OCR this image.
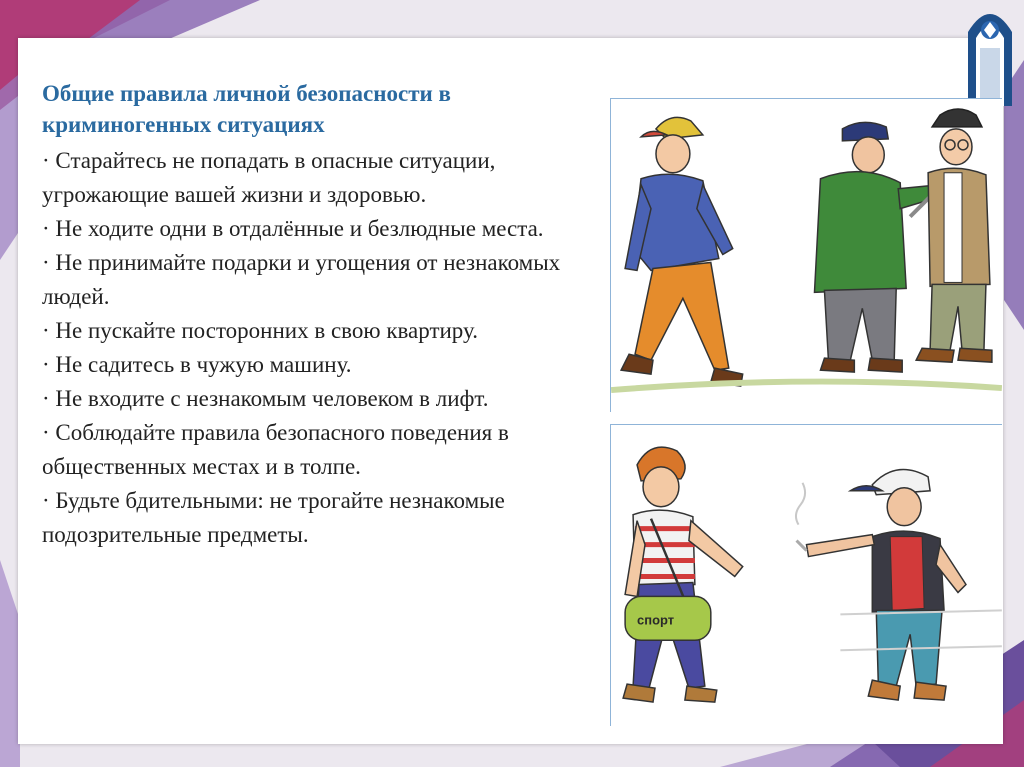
Общие правила личной безопасности в криминогенных ситуациях
· Старайтесь не попадать в опасные ситуации, угрожающие вашей жизни и здоровью.
· Не ходите одни в отдалённые и безлюдные места.
· Не принимайте подарки и угощения от незнакомых людей.
· Не пускайте посторонних в свою квартиру.
· Не садитесь в чужую машину.
· Не входите с незнакомым человеком в лифт.
· Соблюдайте правила безопасного поведения в общественных местах и в толпе.
· Будьте бдительными: не трогайте незнакомые подозрительные предметы.
спорт
